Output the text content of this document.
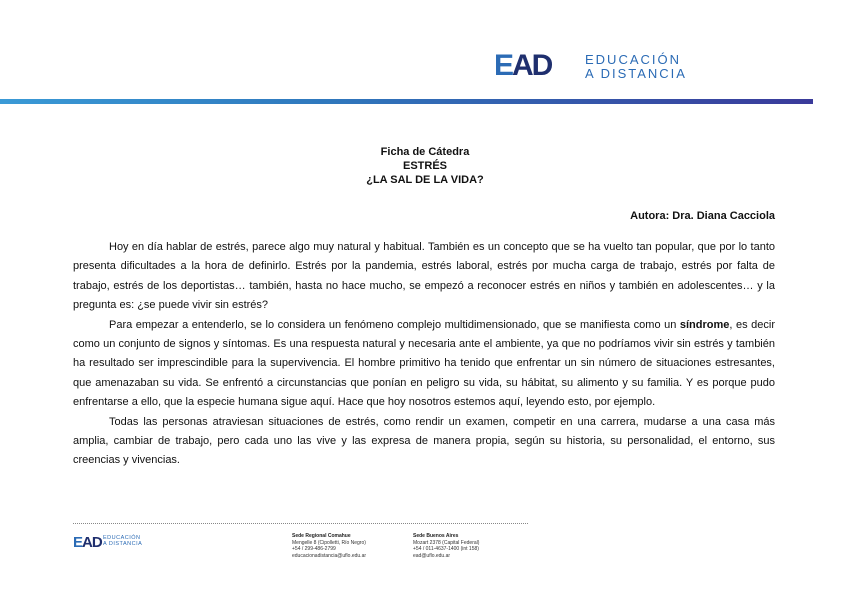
EAD	EDUCACIÓN
A DISTANCIA
Ficha de Cátedra
ESTRÉS
¿LA SAL DE LA VIDA?
Autora: Dra. Diana Cacciola

Hoy en día hablar de estrés, parece algo muy natural y habitual. También es un concepto que se ha vuelto tan popular, que por lo tanto presenta dificultades a la hora de definirlo. Estrés por la pandemia, estrés laboral, estrés por mucha carga de trabajo, estrés por falta de trabajo, estrés de los deportistas… también, hasta no hace mucho, se empezó a reconocer estrés en niños y también en adolescentes… y la pregunta es: ¿se puede vivir sin estrés?

Para empezar a entenderlo, se lo considera un fenómeno complejo multidimensionado, que se manifiesta como un síndrome, es decir como un conjunto de signos y síntomas. Es una respuesta natural y necesaria ante el ambiente, ya que no podríamos vivir sin estrés y también ha resultado ser imprescindible para la supervivencia. El hombre primitivo ha tenido que enfrentar un sin número de situaciones estresantes, que amenazaban su vida. Se enfrentó a circunstancias que ponían en peligro su vida, su hábitat, su alimento y su familia. Y es porque pudo enfrentarse a ello, que la especie humana sigue aquí. Hace que hoy nosotros estemos aquí, leyendo esto, por ejemplo.

Todas las personas atraviesan situaciones de estrés, como rendir un examen, competir en una carrera, mudarse a una casa más amplia, cambiar de trabajo, pero cada uno las vive y las expresa de manera propia, según su historia, su personalidad, el entorno, sus creencias y vivencias.

EAD EDUCACIÓN
A DISTANCIA
Sede Regional Comahue
Mengelle 8 (Cipolletti, Río Negro)
+54 / 299-486-2799
educacionadistancia@uflo.edu.ar
Sede Buenos Aires
Mozart 2378 (Capital Federal)
+54 / 011-4637-1400 (int 158)
ead@uflo.edu.ar
